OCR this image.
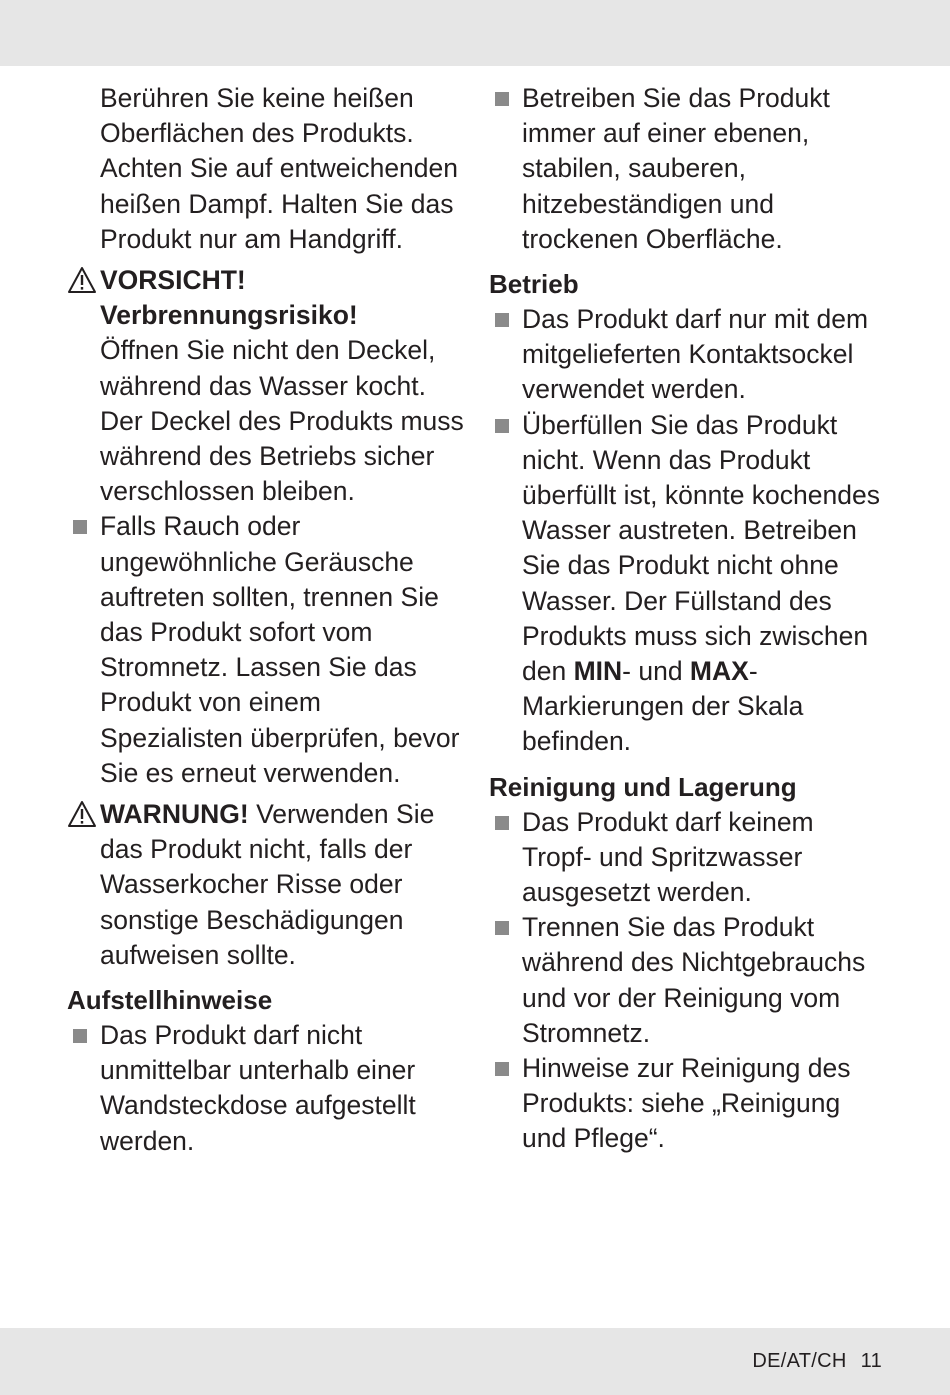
Berühren Sie keine heißen Oberflächen des Produkts. Achten Sie auf entweichenden heißen Dampf. Halten Sie das Produkt nur am Handgriff.

VORSICHT!
Verbrennungsrisiko!
Öffnen Sie nicht den Deckel, während das Wasser kocht. Der Deckel des Produkts muss während des Betriebs sicher verschlossen bleiben.

Falls Rauch oder ungewöhnliche Geräusche auftreten sollten, trennen Sie das Produkt sofort vom Stromnetz. Lassen Sie das Produkt von einem Spezialisten überprüfen, bevor Sie es erneut verwenden.

WARNUNG! Verwenden Sie das Produkt nicht, falls der Wasserkocher Risse oder sonstige Beschädigungen aufweisen sollte.

Aufstellhinweise

Das Produkt darf nicht unmittelbar unterhalb einer Wandsteckdose aufgestellt werden.

Betreiben Sie das Produkt immer auf einer ebenen, stabilen, sauberen, hitzebeständigen und trockenen Oberfläche.

Betrieb

Das Produkt darf nur mit dem mitgelieferten Kontaktsockel verwendet werden.

Überfüllen Sie das Produkt nicht. Wenn das Produkt überfüllt ist, könnte kochendes Wasser austreten. Betreiben Sie das Produkt nicht ohne Wasser. Der Füllstand des Produkts muss sich zwischen den MIN- und MAX-Markierungen der Skala befinden.

Reinigung und Lagerung

Das Produkt darf keinem Tropf- und Spritzwasser ausgesetzt werden.

Trennen Sie das Produkt während des Nichtgebrauchs und vor der Reinigung vom Stromnetz.

Hinweise zur Reinigung des Produkts: siehe „Reinigung und Pflege“.

DE/AT/CH 11
